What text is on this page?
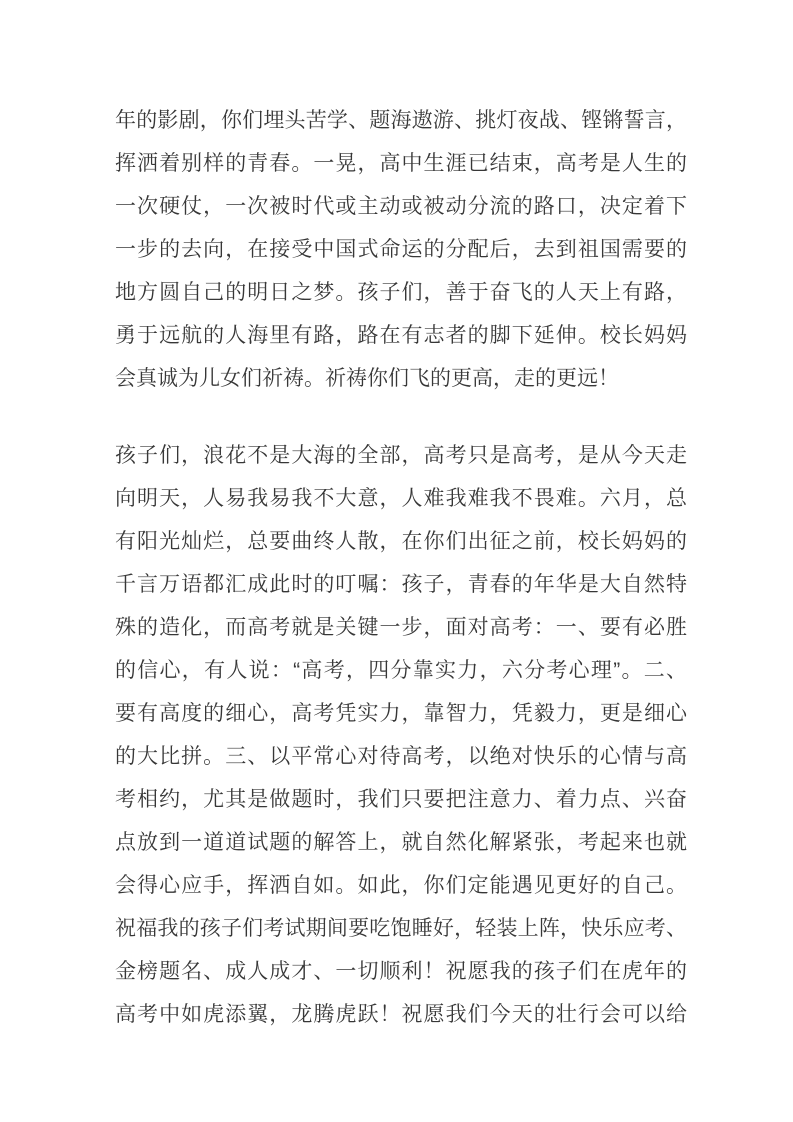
年的影剧，你们埋头苦学、题海遨游、挑灯夜战、铿锵誓言，
挥洒着别样的青春。一晃，高中生涯已结束，高考是人生的
一次硬仗，一次被时代或主动或被动分流的路口，决定着下
一步的去向，在接受中国式命运的分配后，去到祖国需要的
地方圆自己的明日之梦。孩子们，善于奋飞的人天上有路，
勇于远航的人海里有路，路在有志者的脚下延伸。校长妈妈
会真诚为儿女们祈祷。祈祷你们飞的更高，走的更远！
孩子们，浪花不是大海的全部，高考只是高考，是从今天走
向明天，人易我易我不大意，人难我难我不畏难。六月，总
有阳光灿烂，总要曲终人散，在你们出征之前，校长妈妈的
千言万语都汇成此时的叮嘱：孩子，青春的年华是大自然特
殊的造化，而高考就是关键一步，面对高考：一、要有必胜
的信心，有人说：“高考，四分靠实力，六分考心理”。二、
要有高度的细心，高考凭实力，靠智力，凭毅力，更是细心
的大比拼。三、以平常心对待高考，以绝对快乐的心情与高
考相约，尤其是做题时，我们只要把注意力、着力点、兴奋
点放到一道道试题的解答上，就自然化解紧张，考起来也就
会得心应手，挥洒自如。如此，你们定能遇见更好的自己。
祝福我的孩子们考试期间要吃饱睡好，轻装上阵，快乐应考、
金榜题名、成人成才、一切顺利！祝愿我的孩子们在虎年的
高考中如虎添翼，龙腾虎跃！祝愿我们今天的壮行会可以给
